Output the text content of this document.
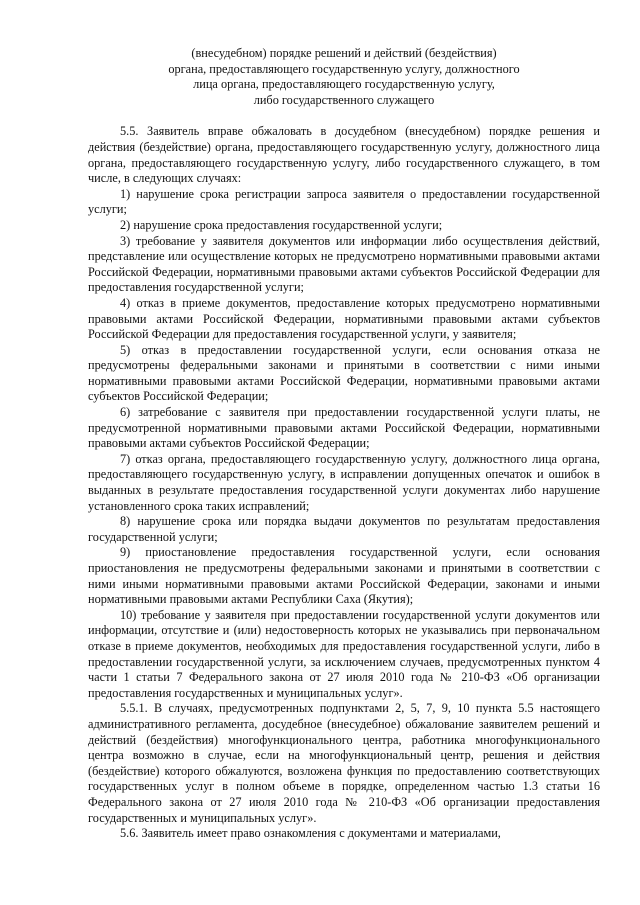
(внесудебном) порядке решений и действий (бездействия)
органа, предоставляющего государственную услугу, должностного
лица органа, предоставляющего государственную услугу,
либо государственного служащего

5.5. Заявитель вправе обжаловать в досудебном (внесудебном) порядке решения и действия (бездействие) органа, предоставляющего государственную услугу, должностного лица органа, предоставляющего государственную услугу, либо государственного служащего, в том числе, в следующих случаях:

1) нарушение срока регистрации запроса заявителя о предоставлении государственной услуги;

2) нарушение срока предоставления государственной услуги;

3) требование у заявителя документов или информации либо осуществления действий, представление или осуществление которых не предусмотрено нормативными правовыми актами Российской Федерации, нормативными правовыми актами субъектов Российской Федерации для предоставления государственной услуги;

4) отказ в приеме документов, предоставление которых предусмотрено нормативными правовыми актами Российской Федерации, нормативными правовыми актами субъектов Российской Федерации для предоставления государственной услуги, у заявителя;

5) отказ в предоставлении государственной услуги, если основания отказа не предусмотрены федеральными законами и принятыми в соответствии с ними иными нормативными правовыми актами Российской Федерации, нормативными правовыми актами субъектов Российской Федерации;

6) затребование с заявителя при предоставлении государственной услуги платы, не предусмотренной нормативными правовыми актами Российской Федерации, нормативными правовыми актами субъектов Российской Федерации;

7) отказ органа, предоставляющего государственную услугу, должностного лица органа, предоставляющего государственную услугу, в исправлении допущенных опечаток и ошибок в выданных в результате предоставления государственной услуги документах либо нарушение установленного срока таких исправлений;

8) нарушение срока или порядка выдачи документов по результатам предоставления государственной услуги;

9) приостановление предоставления государственной услуги, если основания приостановления не предусмотрены федеральными законами и принятыми в соответствии с ними иными нормативными правовыми актами Российской Федерации, законами и иными нормативными правовыми актами Республики Саха (Якутия);

10) требование у заявителя при предоставлении государственной услуги документов или информации, отсутствие и (или) недостоверность которых не указывались при первоначальном отказе в приеме документов, необходимых для предоставления государственной услуги, либо в предоставлении государственной услуги, за исключением случаев, предусмотренных пунктом 4 части 1 статьи 7 Федерального закона от 27 июля 2010 года № 210-ФЗ «Об организации предоставления государственных и муниципальных услуг».

5.5.1. В случаях, предусмотренных подпунктами 2, 5, 7, 9, 10 пункта 5.5 настоящего административного регламента, досудебное (внесудебное) обжалование заявителем решений и действий (бездействия) многофункционального центра, работника многофункционального центра возможно в случае, если на многофункциональный центр, решения и действия (бездействие) которого обжалуются, возложена функция по предоставлению соответствующих государственных услуг в полном объеме в порядке, определенном частью 1.3 статьи 16 Федерального закона от 27 июля 2010 года № 210-ФЗ «Об организации предоставления государственных и муниципальных услуг».

5.6. Заявитель имеет право ознакомления с документами и материалами,
